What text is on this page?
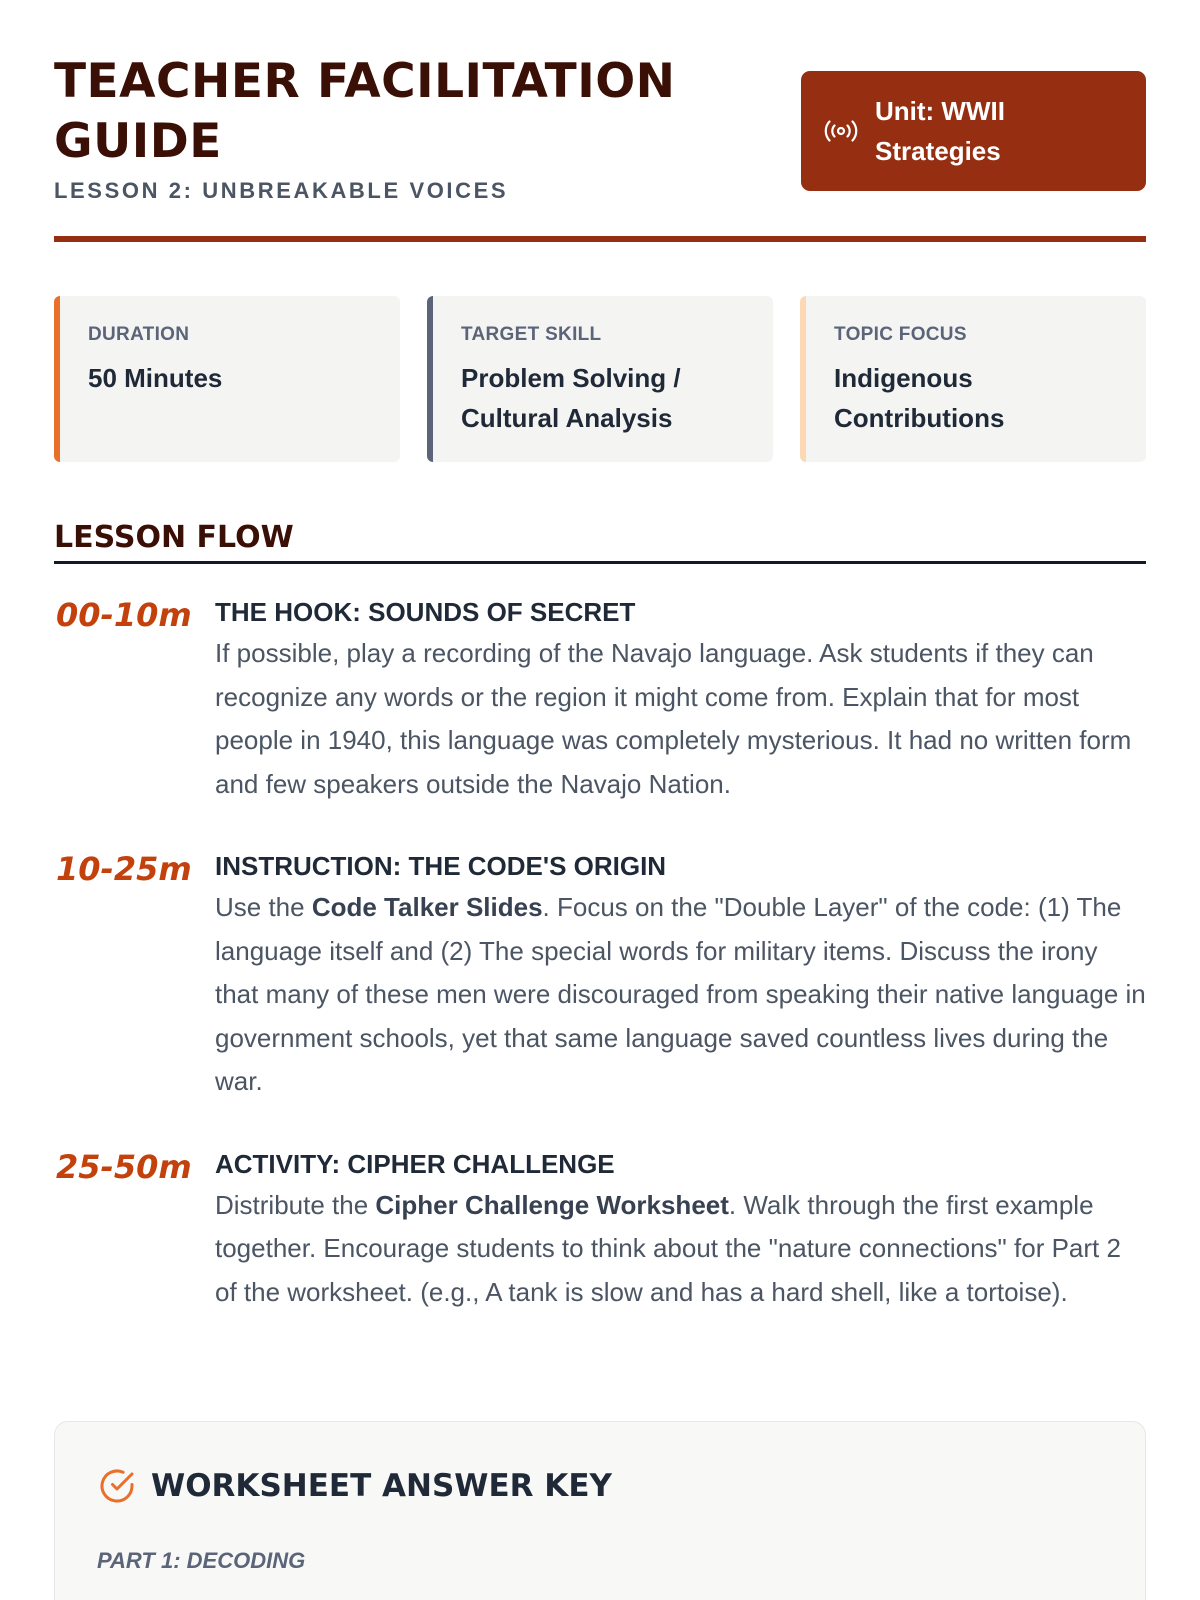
TEACHER FACILITATION GUIDE
LESSON 2: UNBREAKABLE VOICES
Unit: WWII Strategies
DURATION
50 Minutes
TARGET SKILL
Problem Solving / Cultural Analysis
TOPIC FOCUS
Indigenous Contributions
LESSON FLOW
00-10m THE HOOK: SOUNDS OF SECRET

If possible, play a recording of the Navajo language. Ask students if they can recognize any words or the region it might come from. Explain that for most people in 1940, this language was completely mysterious. It had no written form and few speakers outside the Navajo Nation.

10-25m INSTRUCTION: THE CODE'S ORIGIN

Use the Code Talker Slides. Focus on the "Double Layer" of the code: (1) The language itself and (2) The special words for military items. Discuss the irony that many of these men were discouraged from speaking their native language in government schools, yet that same language saved countless lives during the war.

25-50m ACTIVITY: CIPHER CHALLENGE

Distribute the Cipher Challenge Worksheet. Walk through the first example together. Encourage students to think about the "nature connections" for Part 2 of the worksheet. (e.g., A tank is slow and has a hard shell, like a tortoise).

WORKSHEET ANSWER KEY
PART 1: DECODING
